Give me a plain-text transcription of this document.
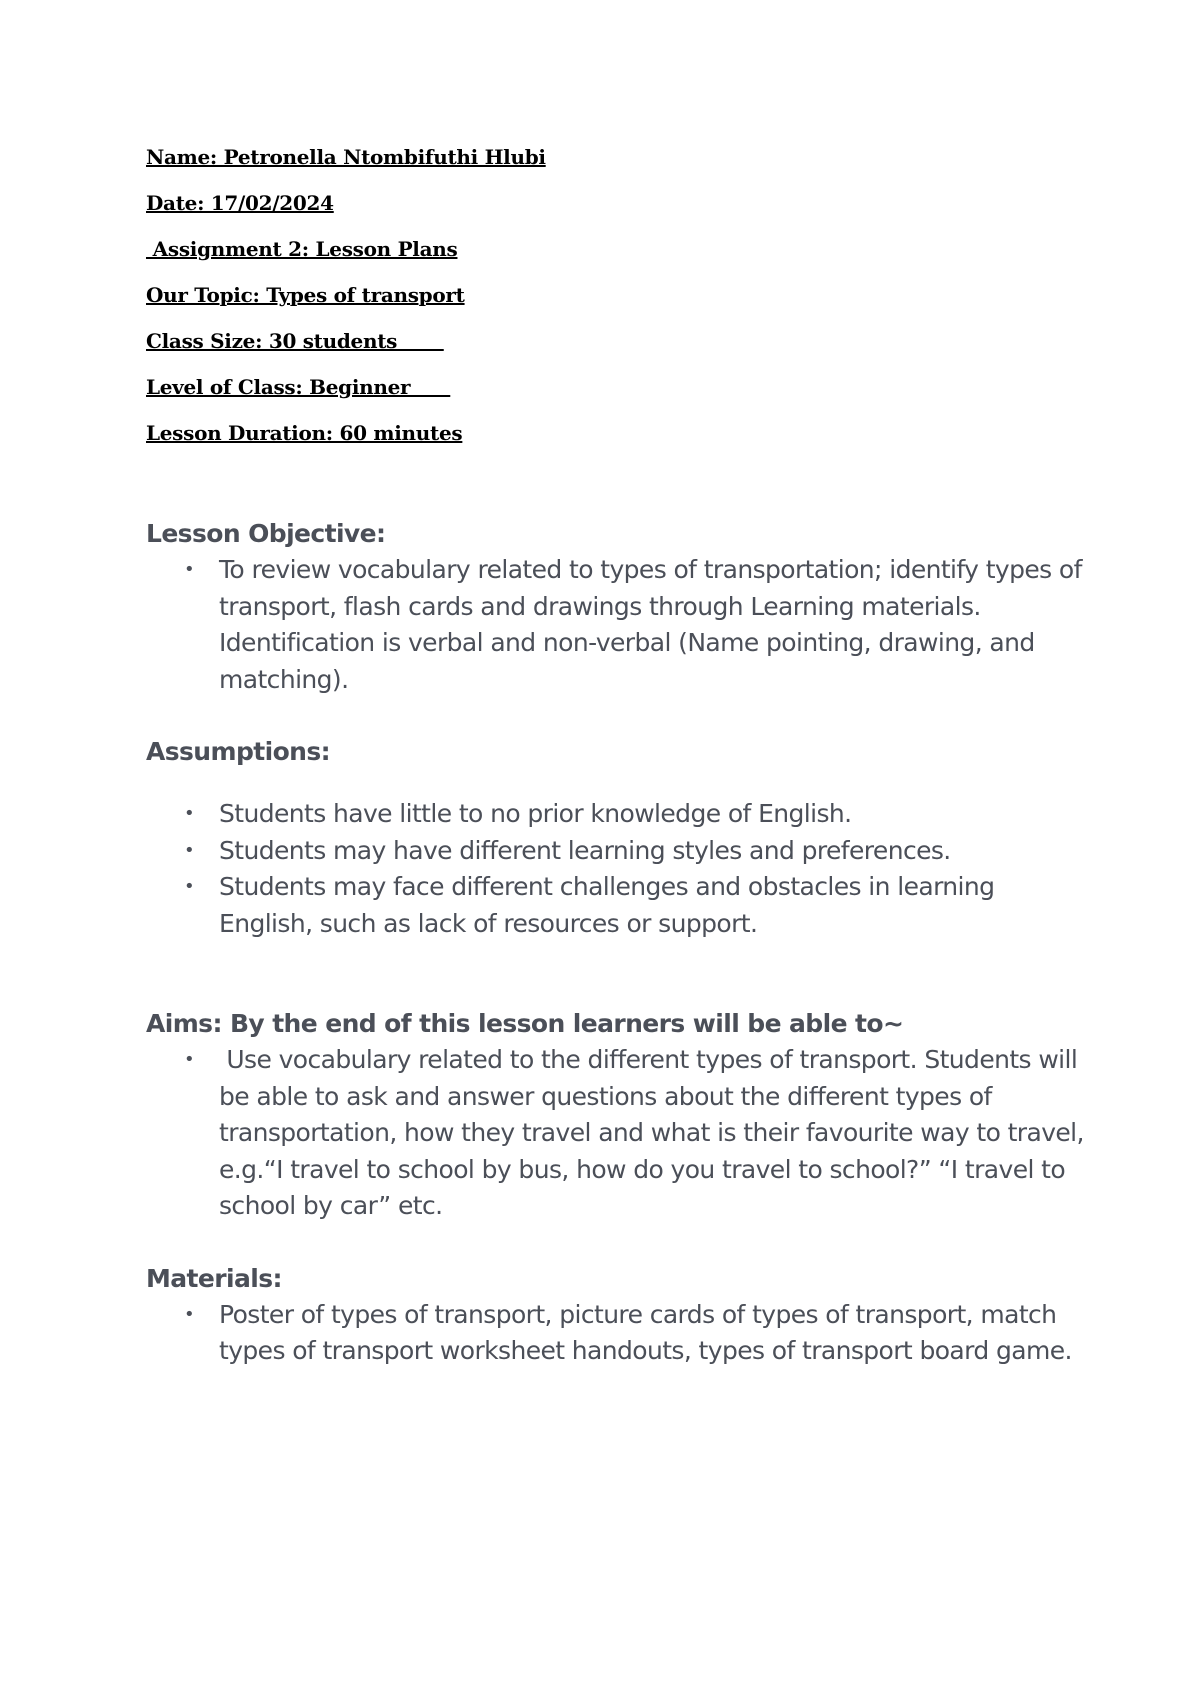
Name: Petronella Ntombifuthi Hlubi

Date: 17/02/2024

Assignment 2: Lesson Plans

Our Topic: Types of transport

Class Size: 30 students

Level of Class: Beginner

Lesson Duration: 60 minutes

Lesson Objective:

• To review vocabulary related to types of transportation; identify types of transport, flash cards and drawings through Learning materials. Identification is verbal and non-verbal (Name pointing, drawing, and matching).

Assumptions:

• Students have little to no prior knowledge of English.
• Students may have different learning styles and preferences.
• Students may face different challenges and obstacles in learning English, such as lack of resources or support.

Aims: By the end of this lesson learners will be able to~

• Use vocabulary related to the different types of transport. Students will be able to ask and answer questions about the different types of transportation, how they travel and what is their favourite way to travel, e.g.“I travel to school by bus, how do you travel to school?” “I travel to school by car” etc.

Materials:

• Poster of types of transport, picture cards of types of transport, match types of transport worksheet handouts, types of transport board game.
